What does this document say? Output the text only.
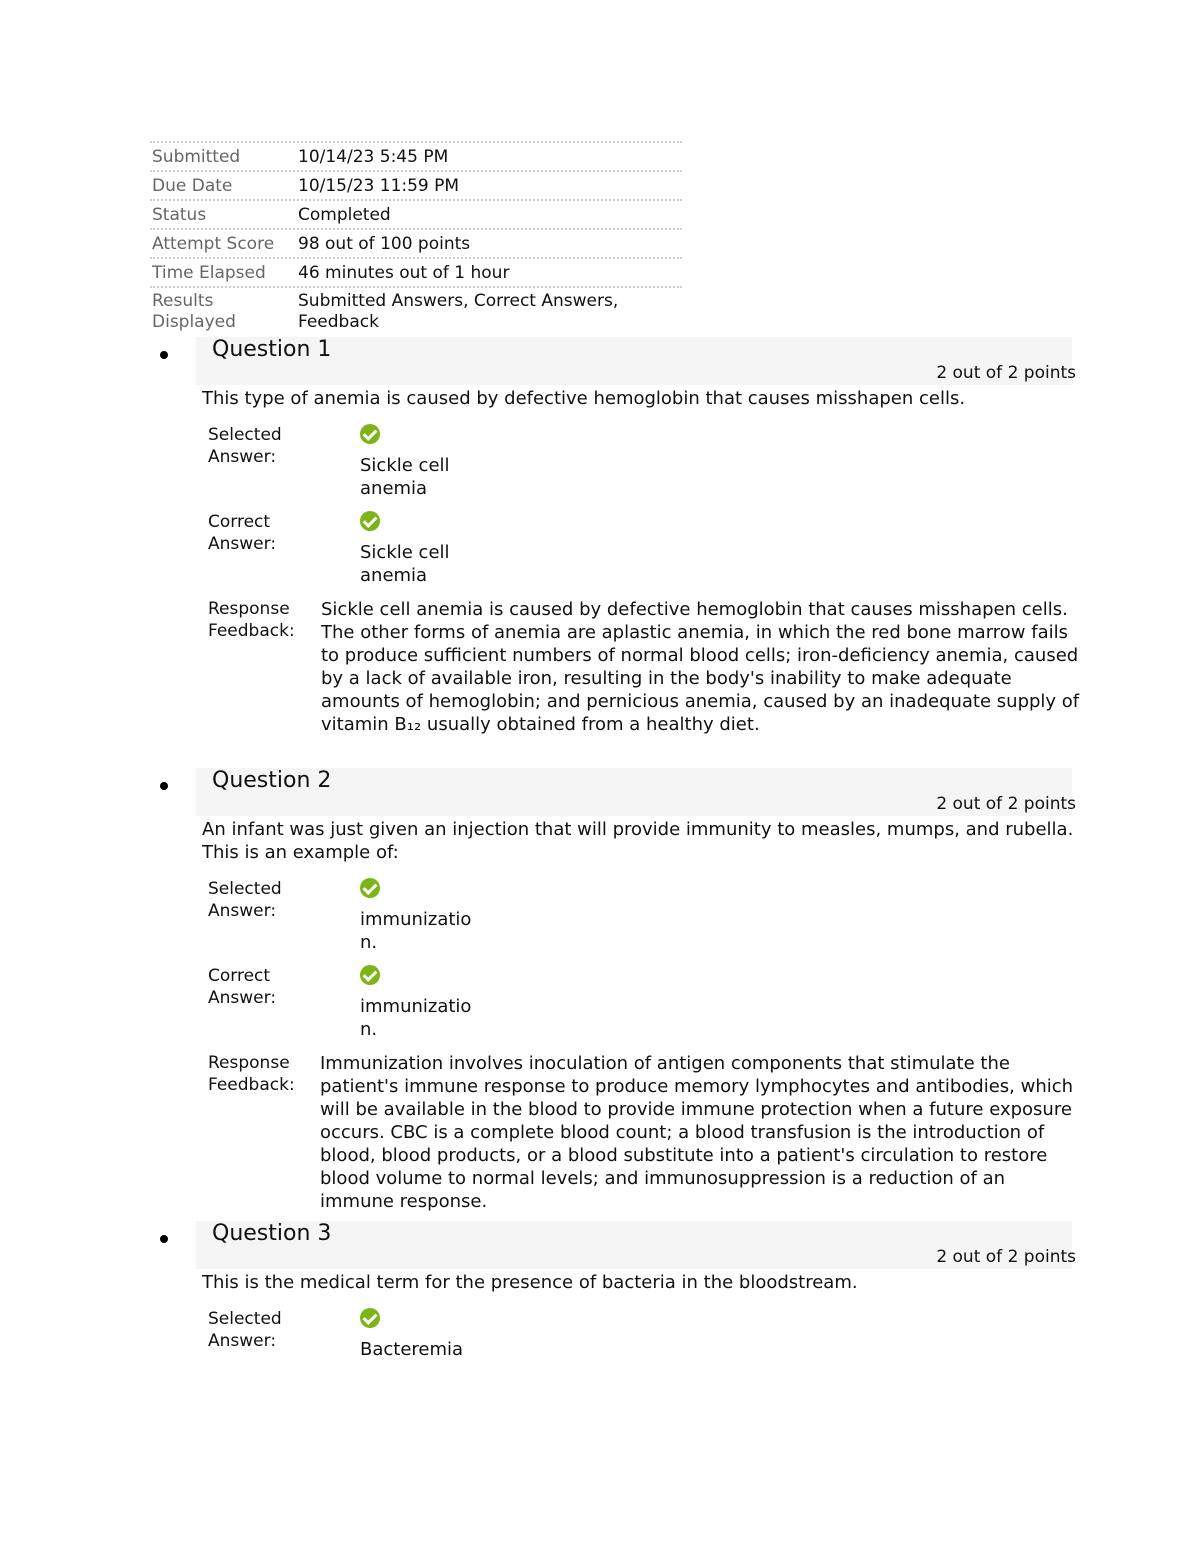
Submitted	10/14/23 5:45 PM
Due Date	10/15/23 11:59 PM
Status	Completed
Attempt Score	98 out of 100 points
Time Elapsed	46 minutes out of 1 hour
Results Displayed
Submitted Answers, Correct Answers, Feedback
Question 1
2 out of 2 points
This type of anemia is caused by defective hemoglobin that causes misshapen cells.
Selected Answer:	Sickle cell anemia
Correct Answer:	Sickle cell anemia
Response Feedback:
Sickle cell anemia is caused by defective hemoglobin that causes misshapen cells. The other forms of anemia are aplastic anemia, in which the red bone marrow fails to produce sufficient numbers of normal blood cells; iron-deficiency anemia, caused by a lack of available iron, resulting in the body's inability to make adequate amounts of hemoglobin; and pernicious anemia, caused by an inadequate supply of vitamin B₁₂ usually obtained from a healthy diet.
Question 2
2 out of 2 points
An infant was just given an injection that will provide immunity to measles, mumps, and rubella. This is an example of:
Selected Answer:	immunization.
Correct Answer:	immunization.
Response Feedback:
Immunization involves inoculation of antigen components that stimulate the patient's immune response to produce memory lymphocytes and antibodies, which will be available in the blood to provide immune protection when a future exposure occurs. CBC is a complete blood count; a blood transfusion is the introduction of blood, blood products, or a blood substitute into a patient's circulation to restore blood volume to normal levels; and immunosuppression is a reduction of an immune response.
Question 3
2 out of 2 points
This is the medical term for the presence of bacteria in the bloodstream.
Selected Answer:	Bacteremia
